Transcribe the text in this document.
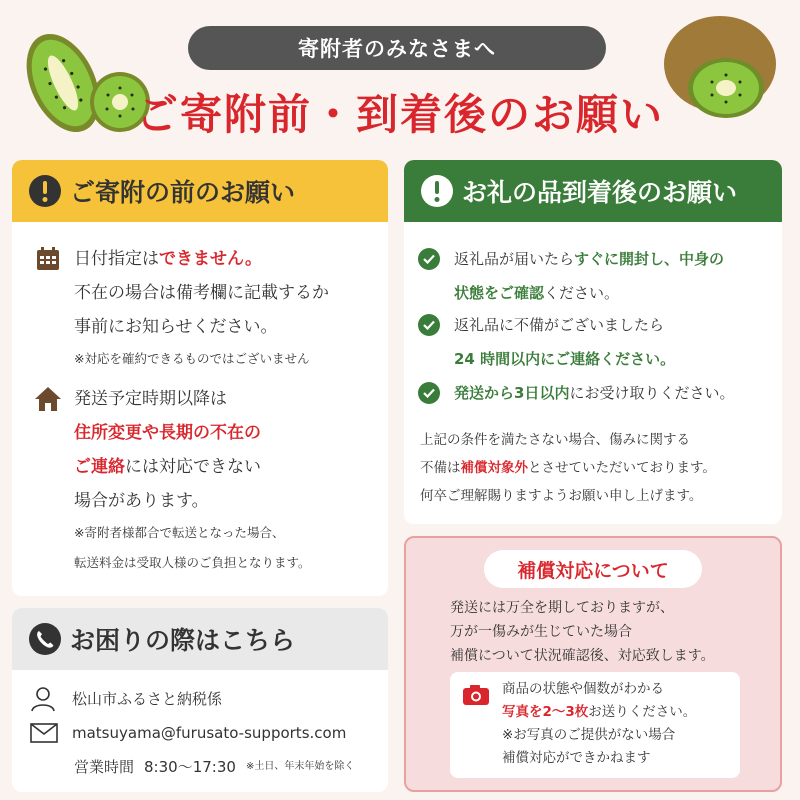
寄附者のみなさまへ
ご寄附前・到着後のお願い
ご寄附の前のお願い
日付指定はできません。
不在の場合は備考欄に記載するか
事前にお知らせください。
※対応を確約できるものではございません
発送予定時期以降は
住所変更や長期の不在の
ご連絡には対応できない
場合があります。
※寄附者様都合で転送となった場合、
転送料金は受取人様のご負担となります。
お礼の品到着後のお願い
返礼品が届いたらすぐに開封し、中身の
状態をご確認ください。
返礼品に不備がございましたら
24 時間以内にご連絡ください。
発送から3日以内にお受け取りください。
上記の条件を満たさない場合、傷みに関する
不備は補償対象外とさせていただいております。
何卒ご理解賜りますようお願い申し上げます。
お困りの際はこちら
松山市ふるさと納税係
matsuyama@furusato-supports.com
営業時間 8:30〜17:30 ※土日、年末年始を除く
補償対応について
発送には万全を期しておりますが、
万が一傷みが生じていた場合
補償について状況確認後、対応致します。
商品の状態や個数がわかる
写真を2〜3枚お送りください。
※お写真のご提供がない場合
補償対応ができかねます
